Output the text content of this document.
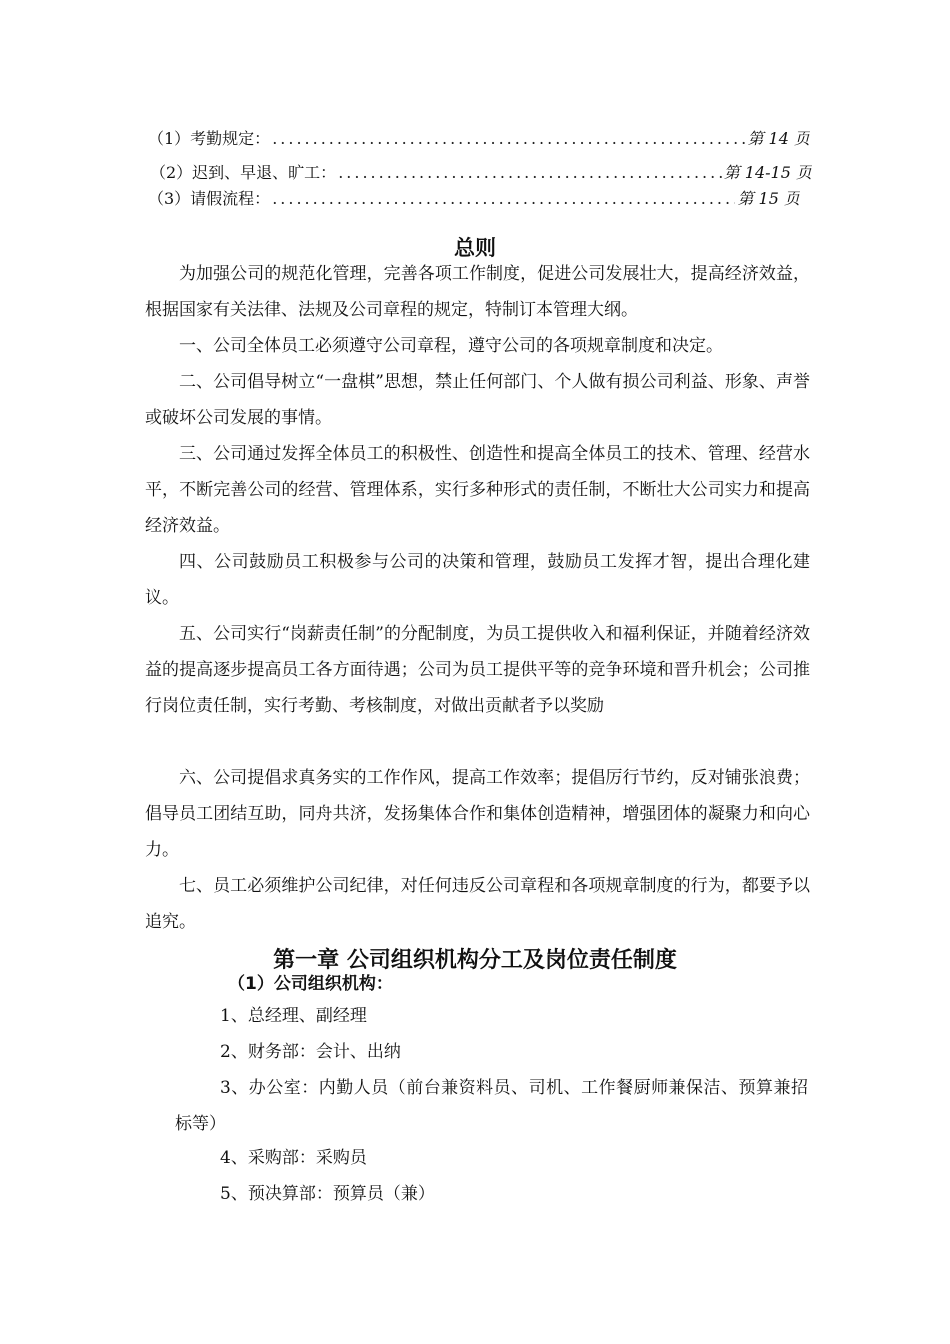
（1）考勤规定： .....	第 14 页
（2）迟到、早退、旷工： .....	第 14-15 页
（3）请假流程： .....	第 15 页
总则
为加强公司的规范化管理，完善各项工作制度，促进公司发展壮大，提高经济效益，根据国家有关法律、法规及公司章程的规定，特制订本管理大纲。
一、公司全体员工必须遵守公司章程，遵守公司的各项规章制度和决定。
二、公司倡导树立“一盘棋”思想，禁止任何部门、个人做有损公司利益、形象、声誉或破坏公司发展的事情。
三、公司通过发挥全体员工的积极性、创造性和提高全体员工的技术、管理、经营水平，不断完善公司的经营、管理体系，实行多种形式的责任制，不断壮大公司实力和提高经济效益。
四、公司鼓励员工积极参与公司的决策和管理，鼓励员工发挥才智，提出合理化建议。
五、公司实行“岗薪责任制”的分配制度，为员工提供收入和福利保证，并随着经济效益的提高逐步提高员工各方面待遇；公司为员工提供平等的竞争环境和晋升机会；公司推行岗位责任制，实行考勤、考核制度，对做出贡献者予以奖励
六、公司提倡求真务实的工作作风，提高工作效率；提倡厉行节约，反对铺张浪费；倡导员工团结互助，同舟共济，发扬集体合作和集体创造精神，增强团体的凝聚力和向心力。
七、员工必须维护公司纪律，对任何违反公司章程和各项规章制度的行为，都要予以追究。
第一章 公司组织机构分工及岗位责任制度
（1）公司组织机构：
1、总经理、副经理
2、财务部：会计、出纳
3、办公室：内勤人员（前台兼资料员、司机、工作餐厨师兼保洁、预算兼招标等）
4、采购部：采购员
5、预决算部：预算员（兼）
